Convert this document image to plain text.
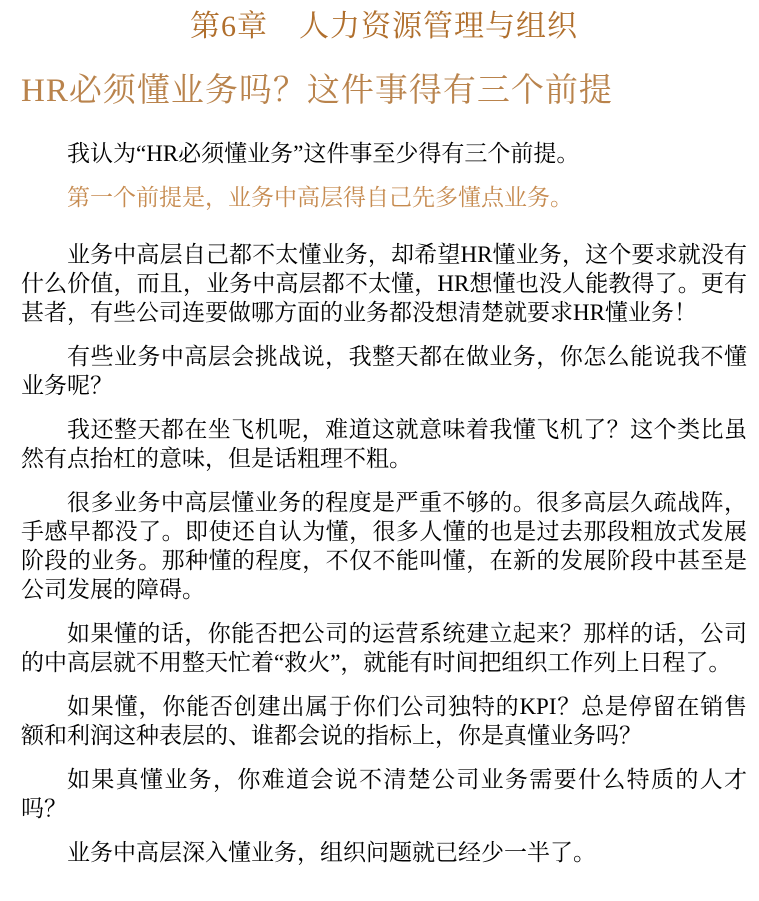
第6章　人力资源管理与组织
HR必须懂业务吗？这件事得有三个前提

我认为“HR必须懂业务”这件事至少得有三个前提。

第一个前提是，业务中高层得自己先多懂点业务。

业务中高层自己都不太懂业务，却希望HR懂业务，这个要求就没有什么价值，而且，业务中高层都不太懂，HR想懂也没人能教得了。更有甚者，有些公司连要做哪方面的业务都没想清楚就要求HR懂业务！

有些业务中高层会挑战说，我整天都在做业务，你怎么能说我不懂业务呢？

我还整天都在坐飞机呢，难道这就意味着我懂飞机了？这个类比虽然有点抬杠的意味，但是话粗理不粗。

很多业务中高层懂业务的程度是严重不够的。很多高层久疏战阵，手感早都没了。即使还自认为懂，很多人懂的也是过去那段粗放式发展阶段的业务。那种懂的程度，不仅不能叫懂，在新的发展阶段中甚至是公司发展的障碍。

如果懂的话，你能否把公司的运营系统建立起来？那样的话，公司的中高层就不用整天忙着“救火”，就能有时间把组织工作列上日程了。

如果懂，你能否创建出属于你们公司独特的KPI？总是停留在销售额和利润这种表层的、谁都会说的指标上，你是真懂业务吗？

如果真懂业务，你难道会说不清楚公司业务需要什么特质的人才吗？

业务中高层深入懂业务，组织问题就已经少一半了。
